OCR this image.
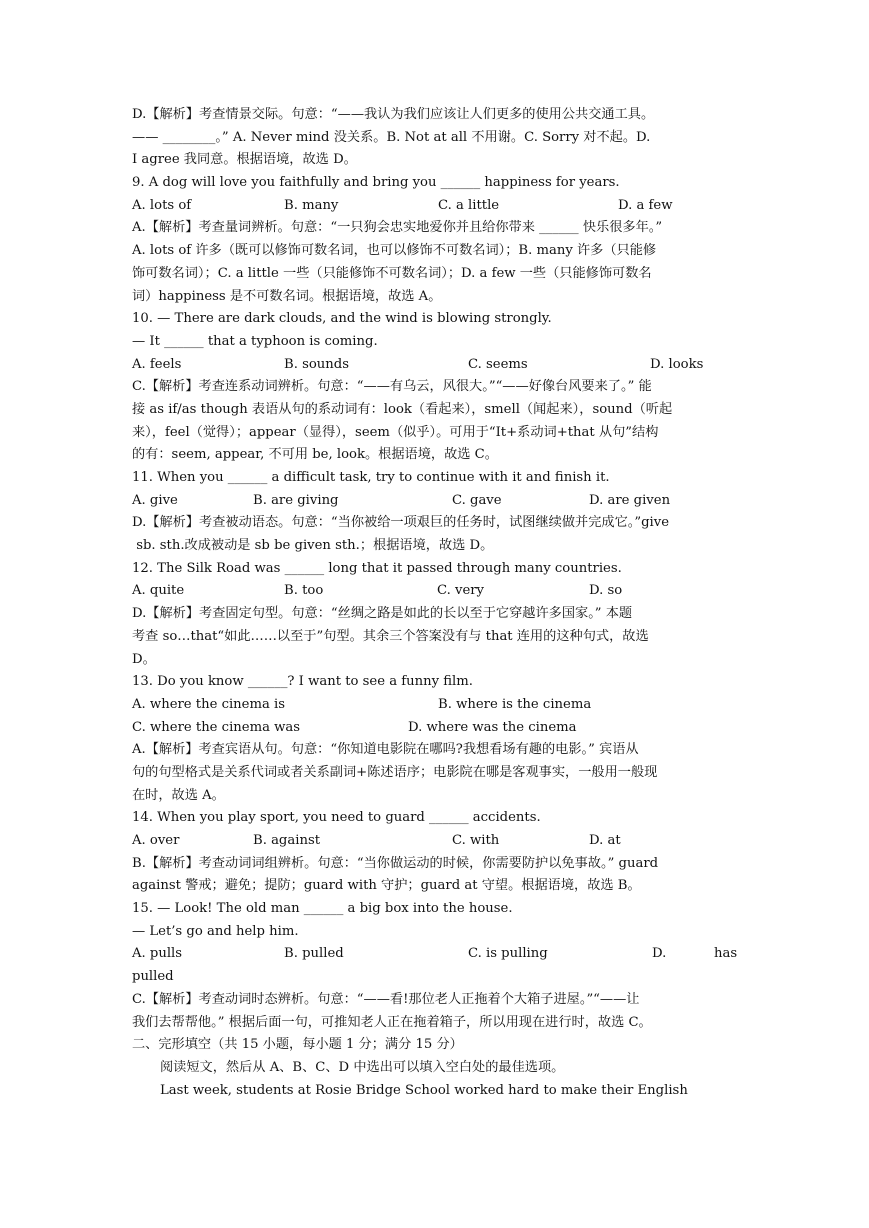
D.【解析】考查情景交际。句意：“——我认为我们应该让人们更多的使用公共交通工具。
—— ________。” A. Never mind 没关系。B. Not at all 不用谢。C. Sorry 对不起。D.
I agree 我同意。根据语境，故选 D。
9. A dog will love you faithfully and bring you ______ happiness for years.
A. lots of	B. many	C. a little	D. a few
A.【解析】考查量词辨析。句意：“一只狗会忠实地爱你并且给你带来 ______ 快乐很多年。”
A. lots of 许多（既可以修饰可数名词，也可以修饰不可数名词）；B. many 许多（只能修
饰可数名词）；C. a little 一些（只能修饰不可数名词）；D. a few 一些（只能修饰可数名
词）happiness 是不可数名词。根据语境，故选 A。
10. — There are dark clouds, and the wind is blowing strongly.
— It ______ that a typhoon is coming.
A. feels	B. sounds	C. seems	D. looks
C.【解析】考查连系动词辨析。句意：“——有乌云，风很大。”“——好像台风要来了。” 能
接 as if/as though 表语从句的系动词有：look（看起来），smell（闻起来），sound（听起
来），feel（觉得）；appear（显得），seem（似乎）。可用于“It+系动词+that 从句”结构
的有：seem, appear, 不可用 be, look。根据语境，故选 C。
11. When you ______ a difficult task, try to continue with it and finish it.
A. give	B. are giving	C. gave	D. are given
D.【解析】考查被动语态。句意：“当你被给一项艰巨的任务时，试图继续做并完成它。”give
sb. sth.改成被动是 sb be given sth.；根据语境，故选 D。
12. The Silk Road was ______ long that it passed through many countries.
A. quite	B. too	C. very	D. so
D.【解析】考查固定句型。句意：“丝绸之路是如此的长以至于它穿越许多国家。” 本题
考查 so…that“如此……以至于”句型。其余三个答案没有与 that 连用的这种句式，故选
D。
13. Do you know ______? I want to see a funny film.
A. where the cinema is	B. where is the cinema
C. where the cinema was	D. where was the cinema
A.【解析】考查宾语从句。句意：“你知道电影院在哪吗?我想看场有趣的电影。” 宾语从
句的句型格式是关系代词或者关系副词+陈述语序；电影院在哪是客观事实，一般用一般现
在时，故选 A。
14. When you play sport, you need to guard ______ accidents.
A. over	B. against	C. with	D. at
B.【解析】考查动词词组辨析。句意：“当你做运动的时候，你需要防护以免事故。” guard
against 警戒；避免；提防；guard with 守护；guard at 守望。根据语境，故选 B。
15. — Look! The old man ______ a big box into the house.
— Let’s go and help him.
A. pulls	B. pulled	C. is pulling	D.	has
pulled
C.【解析】考查动词时态辨析。句意：“——看!那位老人正拖着个大箱子进屋。”“——让
我们去帮帮他。” 根据后面一句，可推知老人正在拖着箱子，所以用现在进行时，故选 C。
二、完形填空（共 15 小题，每小题 1 分；满分 15 分）
阅读短文，然后从 A、B、C、D 中选出可以填入空白处的最佳选项。
Last week, students at Rosie Bridge School worked hard to make their English
